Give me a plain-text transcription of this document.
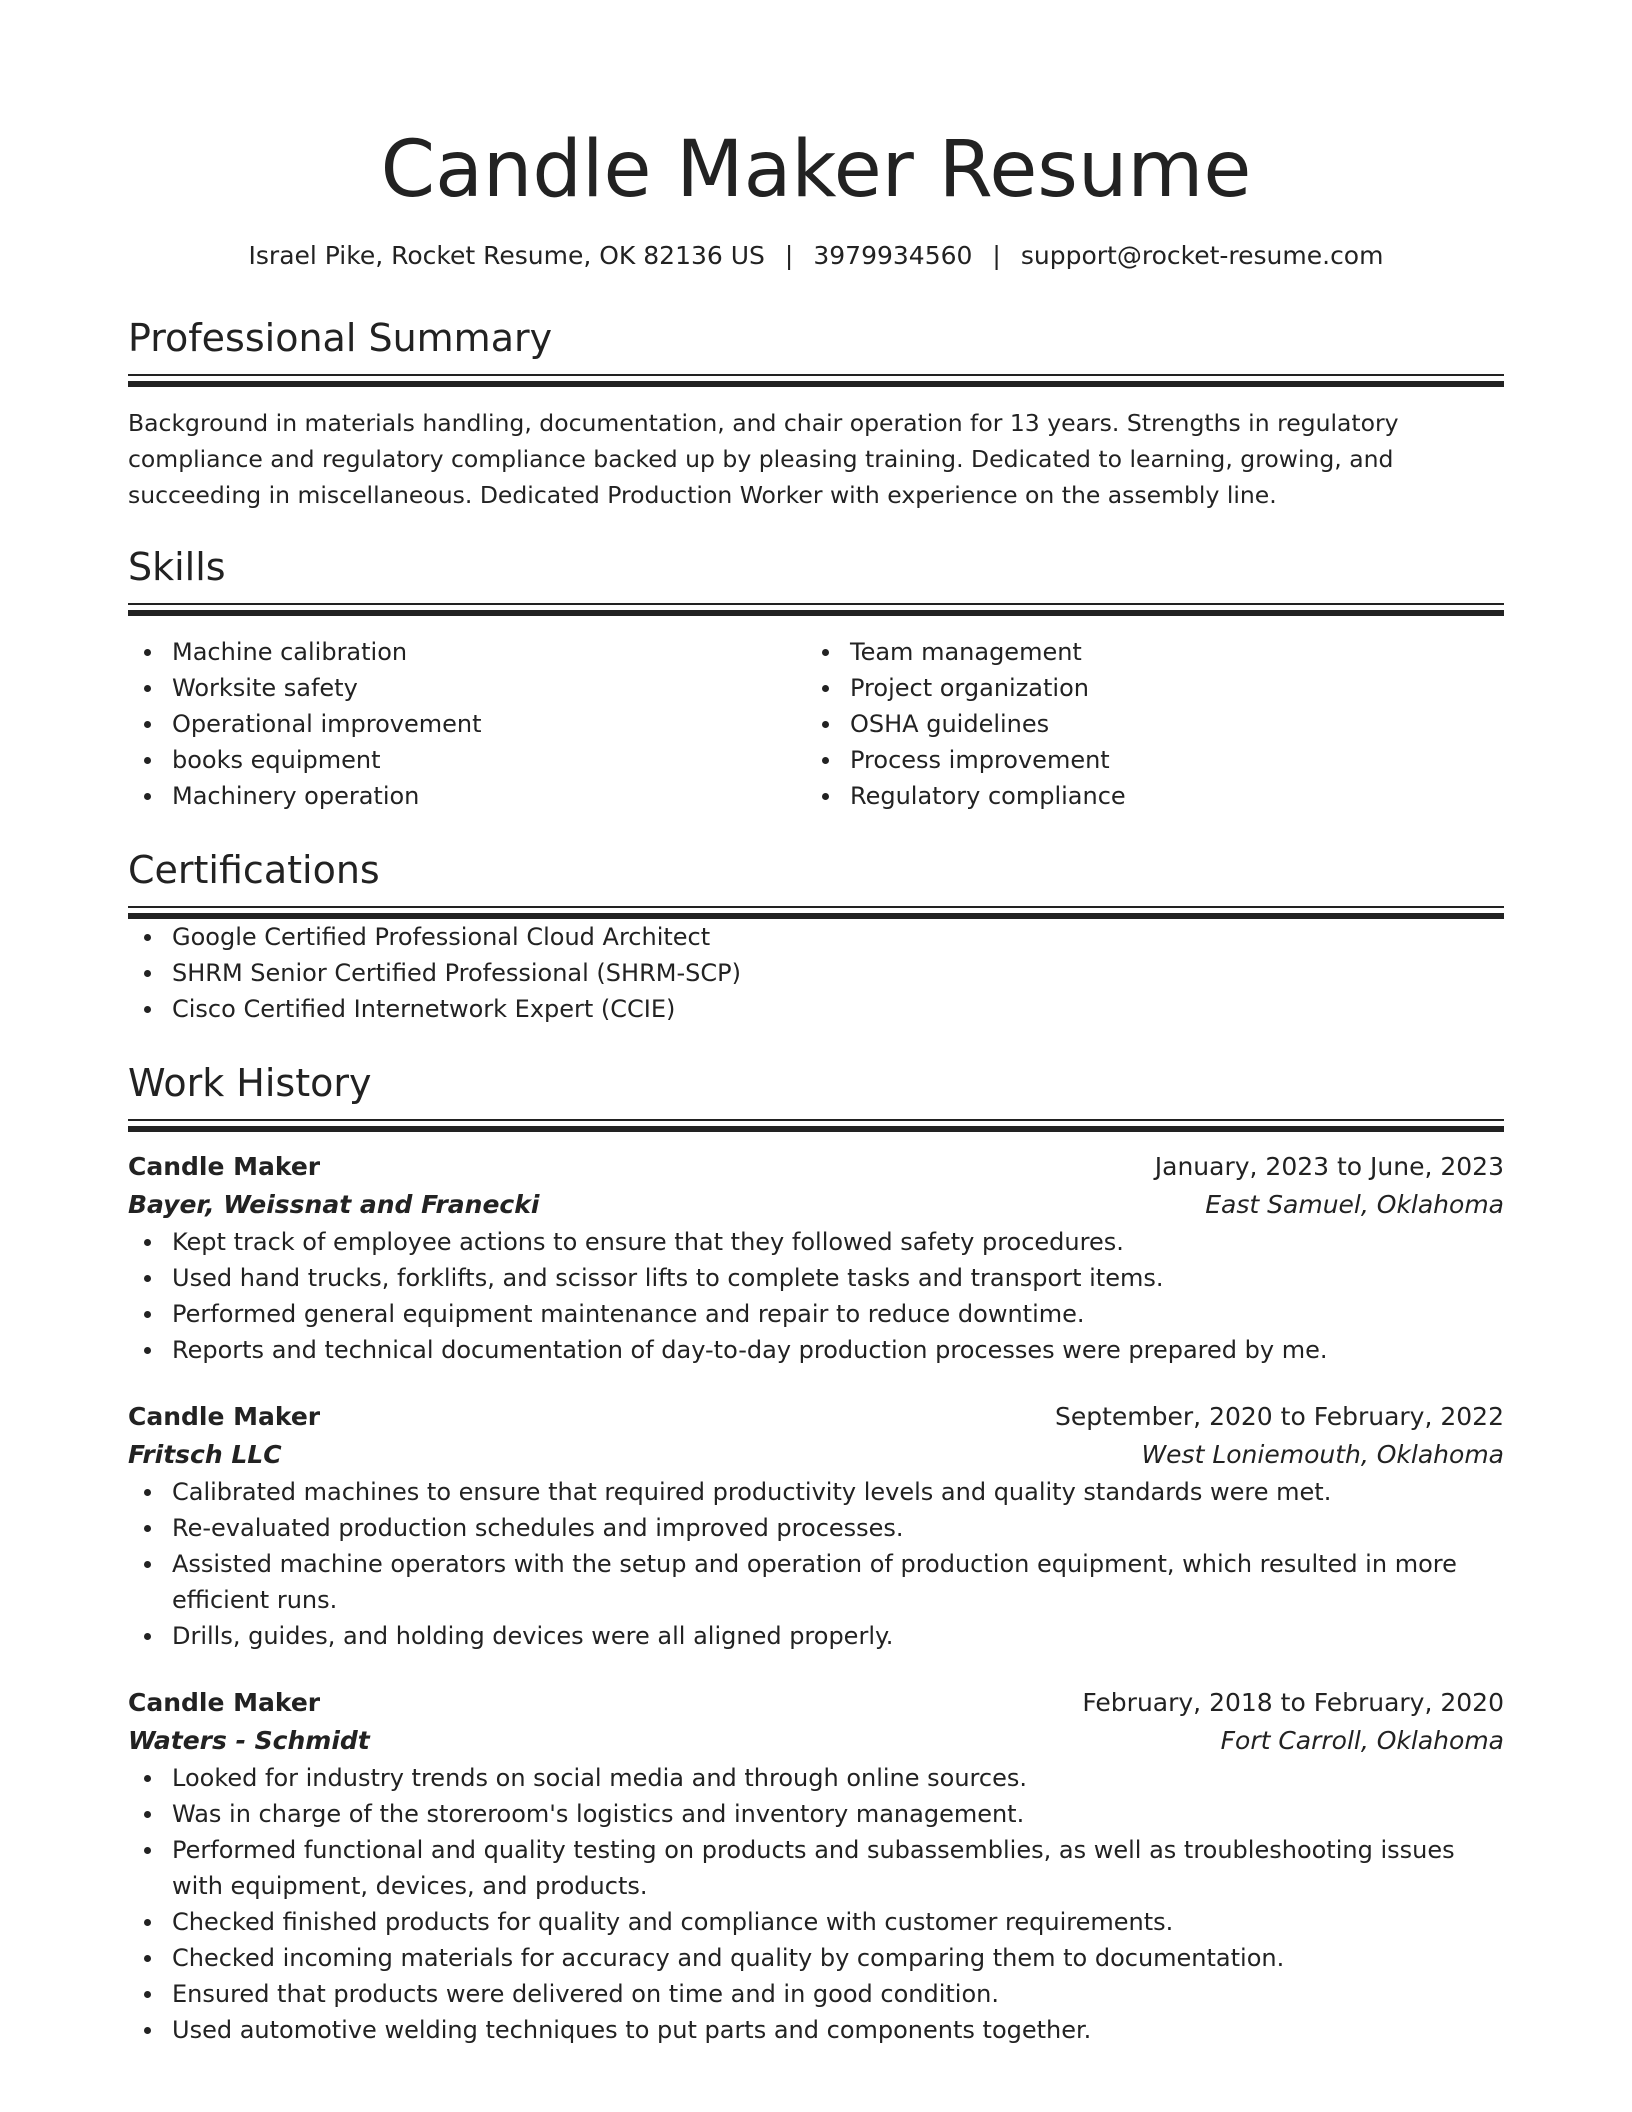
Candle Maker Resume
Israel Pike, Rocket Resume, OK 82136 US | 3979934560 | support@rocket-resume.com
Professional Summary

Background in materials handling, documentation, and chair operation for 13 years. Strengths in regulatory compliance and regulatory compliance backed up by pleasing training. Dedicated to learning, growing, and succeeding in miscellaneous. Dedicated Production Worker with experience on the assembly line.

Skills
Machine calibration
Worksite safety
Operational improvement
books equipment
Machinery operation
Team management
Project organization
OSHA guidelines
Process improvement
Regulatory compliance
Certifications
Google Certified Professional Cloud Architect
SHRM Senior Certified Professional (SHRM-SCP)
Cisco Certified Internetwork Expert (CCIE)
Work History
Candle Maker	January, 2023 to June, 2023
Bayer, Weissnat and Franecki	East Samuel, Oklahoma
Kept track of employee actions to ensure that they followed safety procedures.
Used hand trucks, forklifts, and scissor lifts to complete tasks and transport items.
Performed general equipment maintenance and repair to reduce downtime.
Reports and technical documentation of day-to-day production processes were prepared by me.
Candle Maker	September, 2020 to February, 2022
Fritsch LLC	West Loniemouth, Oklahoma
Calibrated machines to ensure that required productivity levels and quality standards were met.
Re-evaluated production schedules and improved processes.
Assisted machine operators with the setup and operation of production equipment, which resulted in more efficient runs.
Drills, guides, and holding devices were all aligned properly.
Candle Maker	February, 2018 to February, 2020
Waters - Schmidt	Fort Carroll, Oklahoma
Looked for industry trends on social media and through online sources.
Was in charge of the storeroom's logistics and inventory management.
Performed functional and quality testing on products and subassemblies, as well as troubleshooting issues with equipment, devices, and products.
Checked finished products for quality and compliance with customer requirements.
Checked incoming materials for accuracy and quality by comparing them to documentation.
Ensured that products were delivered on time and in good condition.
Used automotive welding techniques to put parts and components together.
